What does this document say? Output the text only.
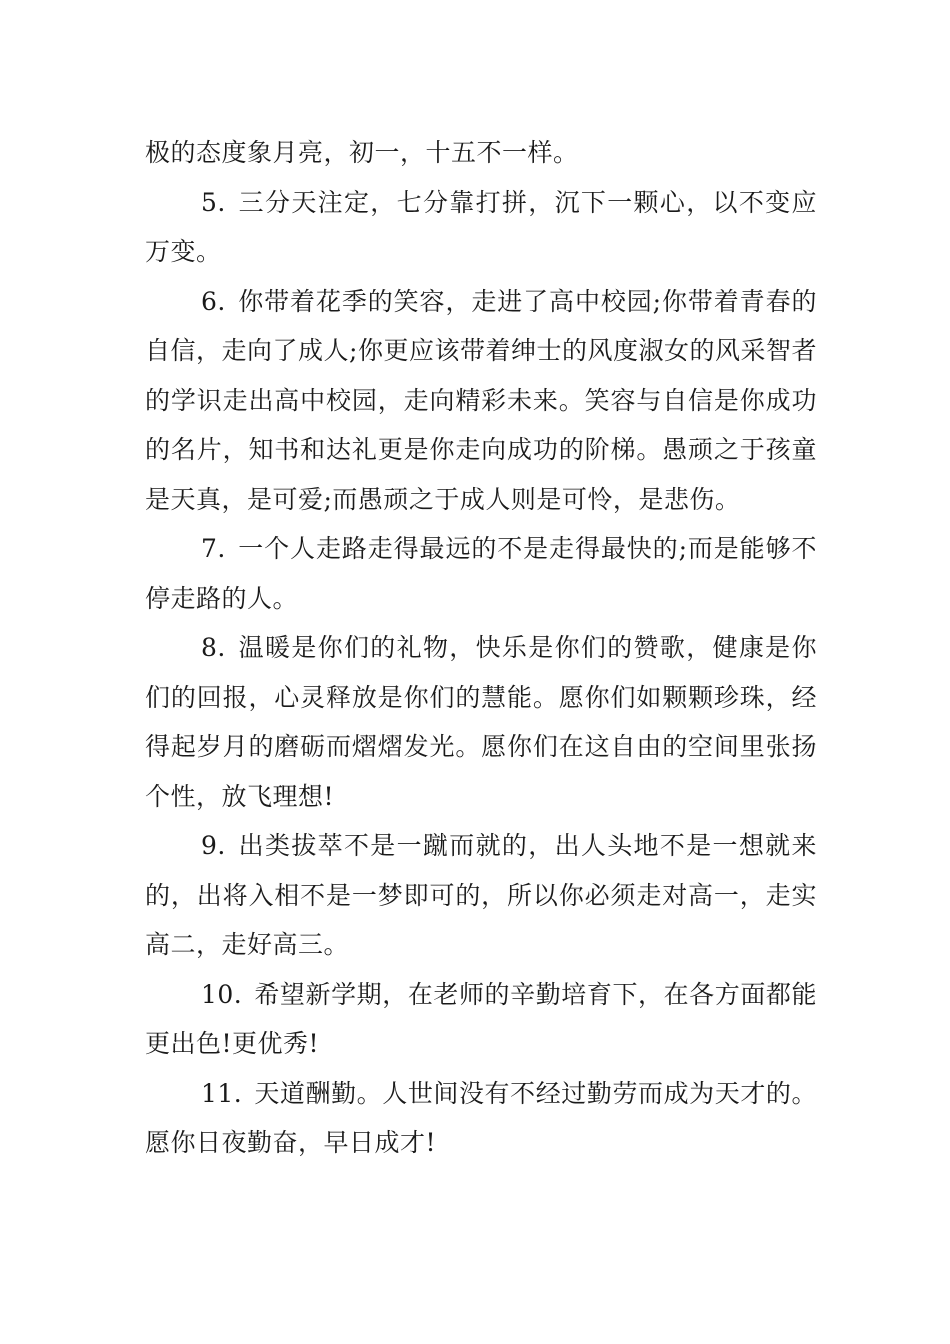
极的态度象月亮，初一，十五不一样。

5. 三分天注定，七分靠打拼，沉下一颗心，以不变应万变。

6. 你带着花季的笑容，走进了高中校园;你带着青春的自信，走向了成人;你更应该带着绅士的风度淑女的风采智者的学识走出高中校园，走向精彩未来。笑容与自信是你成功的名片，知书和达礼更是你走向成功的阶梯。愚顽之于孩童是天真，是可爱;而愚顽之于成人则是可怜，是悲伤。

7. 一个人走路走得最远的不是走得最快的;而是能够不停走路的人。

8. 温暖是你们的礼物，快乐是你们的赞歌，健康是你们的回报，心灵释放是你们的慧能。愿你们如颗颗珍珠，经得起岁月的磨砺而熠熠发光。愿你们在这自由的空间里张扬个性，放飞理想!

9. 出类拔萃不是一蹴而就的，出人头地不是一想就来的，出将入相不是一梦即可的，所以你必须走对高一，走实高二，走好高三。

10. 希望新学期，在老师的辛勤培育下，在各方面都能更出色!更优秀!

11. 天道酬勤。人世间没有不经过勤劳而成为天才的。愿你日夜勤奋，早日成才!
